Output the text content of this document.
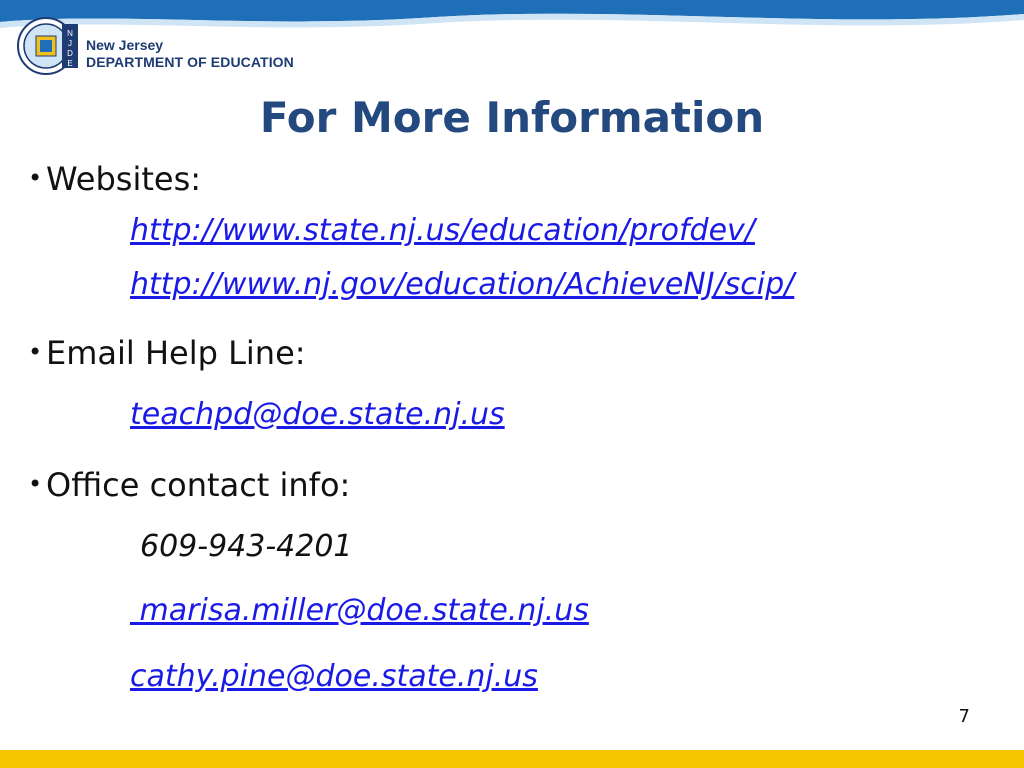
N
J
D
E
New Jersey
DEPARTMENT OF EDUCATION
For More Information
• Websites:
http://www.state.nj.us/education/profdev/
http://www.nj.gov/education/AchieveNJ/scip/
• Email Help Line:
teachpd@doe.state.nj.us
• Office contact info:
609-943-4201
marisa.miller@doe.state.nj.us
cathy.pine@doe.state.nj.us
7
